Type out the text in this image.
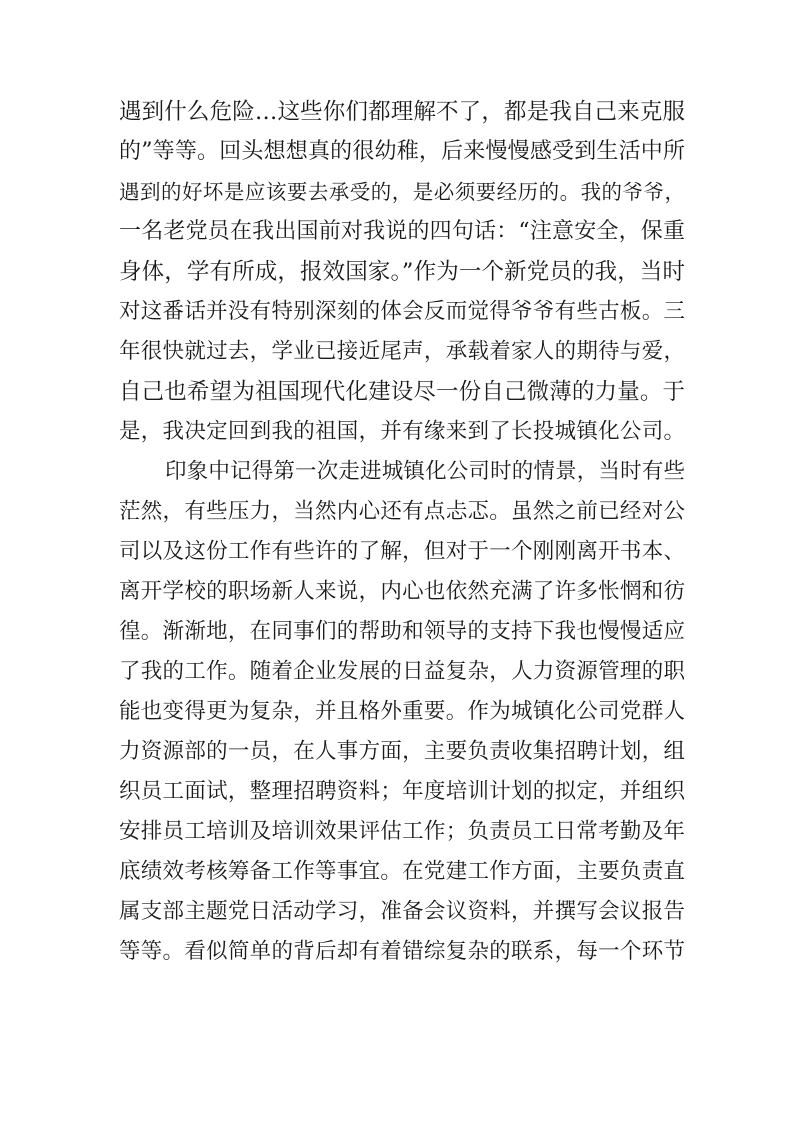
遇到什么危险…这些你们都理解不了，都是我自己来克服
的”等等。回头想想真的很幼稚，后来慢慢感受到生活中所
遇到的好坏是应该要去承受的，是必须要经历的。我的爷爷，
一名老党员在我出国前对我说的四句话：“注意安全，保重
身体，学有所成，报效国家。”作为一个新党员的我，当时
对这番话并没有特别深刻的体会反而觉得爷爷有些古板。三
年很快就过去，学业已接近尾声，承载着家人的期待与爱，
自己也希望为祖国现代化建设尽一份自己微薄的力量。于
是，我决定回到我的祖国，并有缘来到了长投城镇化公司。
印象中记得第一次走进城镇化公司时的情景，当时有些
茫然，有些压力，当然内心还有点忐忑。虽然之前已经对公
司以及这份工作有些许的了解，但对于一个刚刚离开书本、
离开学校的职场新人来说，内心也依然充满了许多怅惘和彷
徨。渐渐地，在同事们的帮助和领导的支持下我也慢慢适应
了我的工作。随着企业发展的日益复杂，人力资源管理的职
能也变得更为复杂，并且格外重要。作为城镇化公司党群人
力资源部的一员，在人事方面，主要负责收集招聘计划，组
织员工面试，整理招聘资料；年度培训计划的拟定，并组织
安排员工培训及培训效果评估工作；负责员工日常考勤及年
底绩效考核筹备工作等事宜。在党建工作方面，主要负责直
属支部主题党日活动学习，准备会议资料，并撰写会议报告
等等。看似简单的背后却有着错综复杂的联系，每一个环节
